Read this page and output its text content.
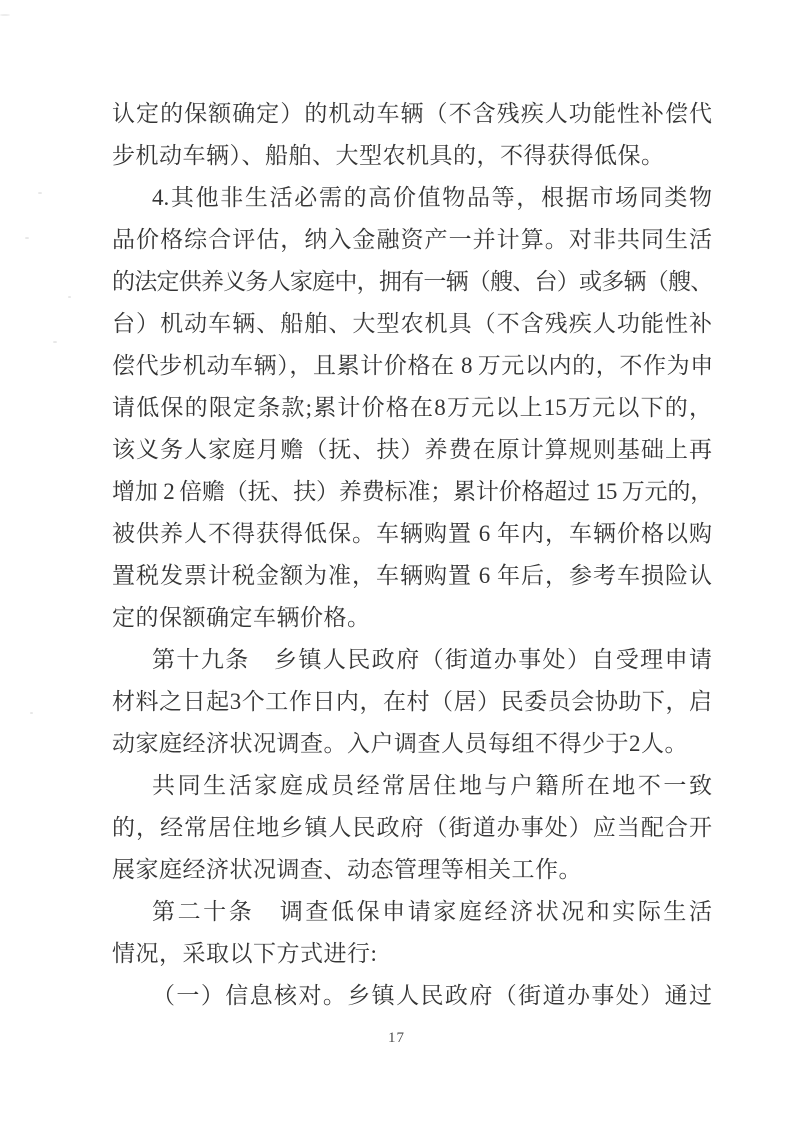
认定的保额确定）的机动车辆（不含残疾人功能性补偿代
步机动车辆）、船舶、大型农机具的，不得获得低保。
4.其他非生活必需的高价值物品等，根据市场同类物
品价格综合评估，纳入金融资产一并计算。对非共同生活
的法定供养义务人家庭中，拥有一辆（艘、台）或多辆（艘、
台）机动车辆、船舶、大型农机具（不含残疾人功能性补
偿代步机动车辆），且累计价格在 8 万元以内的，不作为申
请低保的限定条款;累计价格在8万元以上15万元以下的，
该义务人家庭月赡（抚、扶）养费在原计算规则基础上再
增加 2 倍赡（抚、扶）养费标准；累计价格超过 15 万元的，
被供养人不得获得低保。车辆购置 6 年内，车辆价格以购
置税发票计税金额为准，车辆购置 6 年后，参考车损险认
定的保额确定车辆价格。
第十九条　乡镇人民政府（街道办事处）自受理申请
材料之日起3个工作日内，在村（居）民委员会协助下，启
动家庭经济状况调查。入户调查人员每组不得少于2人。
共同生活家庭成员经常居住地与户籍所在地不一致
的，经常居住地乡镇人民政府（街道办事处）应当配合开
展家庭经济状况调查、动态管理等相关工作。
第二十条　调查低保申请家庭经济状况和实际生活
情况，采取以下方式进行:
（一）信息核对。乡镇人民政府（街道办事处）通过
17
